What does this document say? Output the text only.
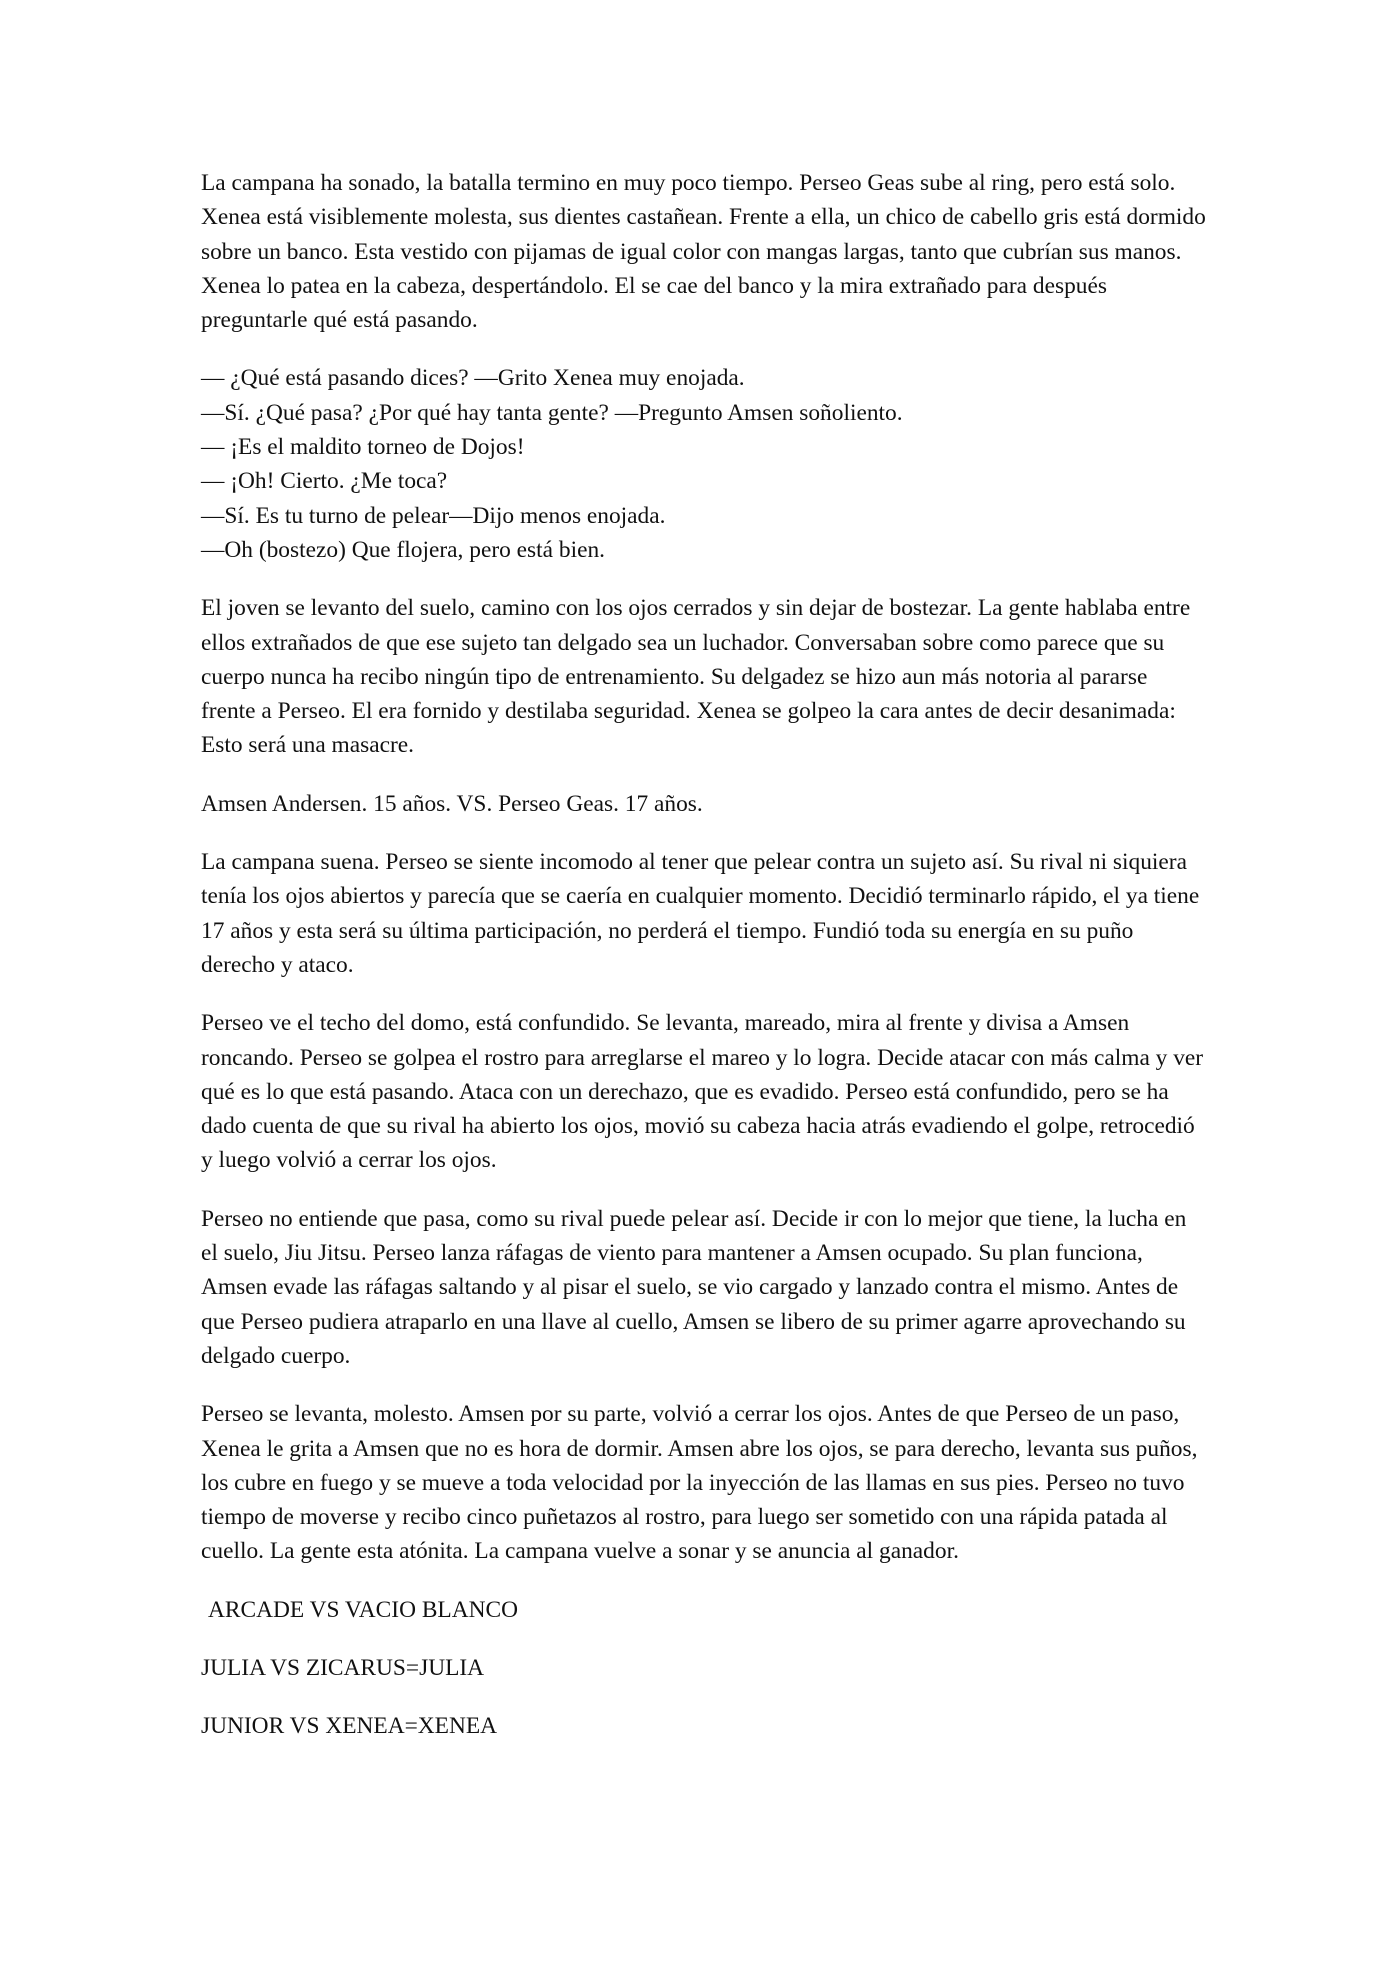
La campana ha sonado, la batalla termino en muy poco tiempo. Perseo Geas sube al ring, pero está solo. Xenea está visiblemente molesta, sus dientes castañean. Frente a ella, un chico de cabello gris está dormido sobre un banco. Esta vestido con pijamas de igual color con mangas largas, tanto que cubrían sus manos. Xenea lo patea en la cabeza, despertándolo. El se cae del banco y la mira extrañado para después preguntarle qué está pasando.

— ¿Qué está pasando dices? —Grito Xenea muy enojada.
—Sí. ¿Qué pasa? ¿Por qué hay tanta gente? —Pregunto Amsen soñoliento.
— ¡Es el maldito torneo de Dojos!
— ¡Oh! Cierto. ¿Me toca?
—Sí. Es tu turno de pelear—Dijo menos enojada.
—Oh (bostezo) Que flojera, pero está bien.

El joven se levanto del suelo, camino con los ojos cerrados y sin dejar de bostezar. La gente hablaba entre ellos extrañados de que ese sujeto tan delgado sea un luchador. Conversaban sobre como parece que su cuerpo nunca ha recibo ningún tipo de entrenamiento. Su delgadez se hizo aun más notoria al pararse frente a Perseo. El era fornido y destilaba seguridad. Xenea se golpeo la cara antes de decir desanimada: Esto será una masacre.

Amsen Andersen. 15 años. VS. Perseo Geas. 17 años.

La campana suena. Perseo se siente incomodo al tener que pelear contra un sujeto así. Su rival ni siquiera tenía los ojos abiertos y parecía que se caería en cualquier momento. Decidió terminarlo rápido, el ya tiene 17 años y esta será su última participación, no perderá el tiempo. Fundió toda su energía en su puño derecho y ataco.

Perseo ve el techo del domo, está confundido. Se levanta, mareado, mira al frente y divisa a Amsen roncando. Perseo se golpea el rostro para arreglarse el mareo y lo logra. Decide atacar con más calma y ver qué es lo que está pasando. Ataca con un derechazo, que es evadido. Perseo está confundido, pero se ha dado cuenta de que su rival ha abierto los ojos, movió su cabeza hacia atrás evadiendo el golpe, retrocedió y luego volvió a cerrar los ojos.

Perseo no entiende que pasa, como su rival puede pelear así. Decide ir con lo mejor que tiene, la lucha en el suelo, Jiu Jitsu. Perseo lanza ráfagas de viento para mantener a Amsen ocupado. Su plan funciona, Amsen evade las ráfagas saltando y al pisar el suelo, se vio cargado y lanzado contra el mismo. Antes de que Perseo pudiera atraparlo en una llave al cuello, Amsen se libero de su primer agarre aprovechando su delgado cuerpo.

Perseo se levanta, molesto. Amsen por su parte, volvió a cerrar los ojos. Antes de que Perseo de un paso, Xenea le grita a Amsen que no es hora de dormir. Amsen abre los ojos, se para derecho, levanta sus puños, los cubre en fuego y se mueve a toda velocidad por la inyección de las llamas en sus pies. Perseo no tuvo tiempo de moverse y recibo cinco puñetazos al rostro, para luego ser sometido con una rápida patada al cuello. La gente esta atónita. La campana vuelve a sonar y se anuncia al ganador.

ARCADE VS VACIO BLANCO

JULIA VS ZICARUS=JULIA

JUNIOR VS XENEA=XENEA
